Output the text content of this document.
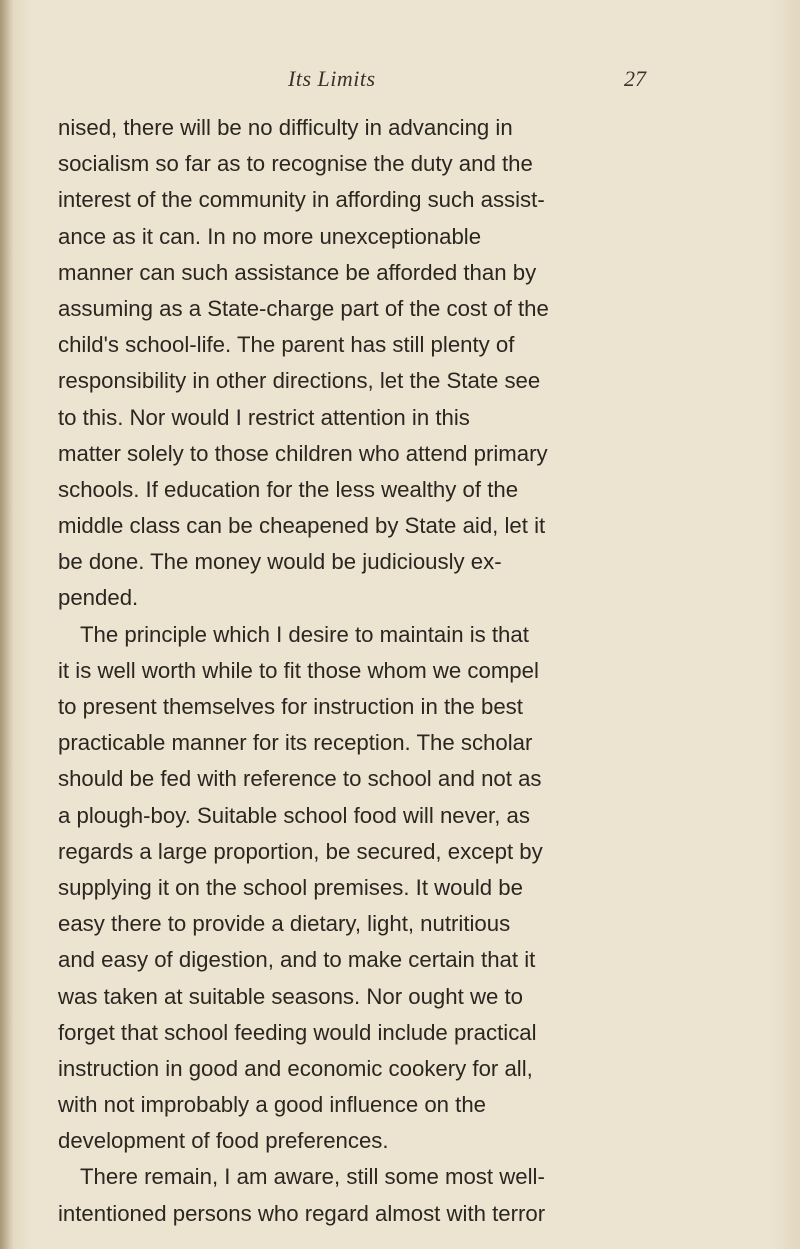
Its Limits	27
nised, there will be no difficulty in advancing in
socialism so far as to recognise the duty and the
interest of the community in affording such assist-
ance as it can. In no more unexceptionable
manner can such assistance be afforded than by
assuming as a State-charge part of the cost of the
child's school-life. The parent has still plenty of
responsibility in other directions, let the State see
to this. Nor would I restrict attention in this
matter solely to those children who attend primary
schools. If education for the less wealthy of the
middle class can be cheapened by State aid, let it
be done. The money would be judiciously ex-
pended.
The principle which I desire to maintain is that
it is well worth while to fit those whom we compel
to present themselves for instruction in the best
practicable manner for its reception. The scholar
should be fed with reference to school and not as
a plough-boy. Suitable school food will never, as
regards a large proportion, be secured, except by
supplying it on the school premises. It would be
easy there to provide a dietary, light, nutritious
and easy of digestion, and to make certain that it
was taken at suitable seasons. Nor ought we to
forget that school feeding would include practical
instruction in good and economic cookery for all,
with not improbably a good influence on the
development of food preferences.
There remain, I am aware, still some most well-
intentioned persons who regard almost with terror
